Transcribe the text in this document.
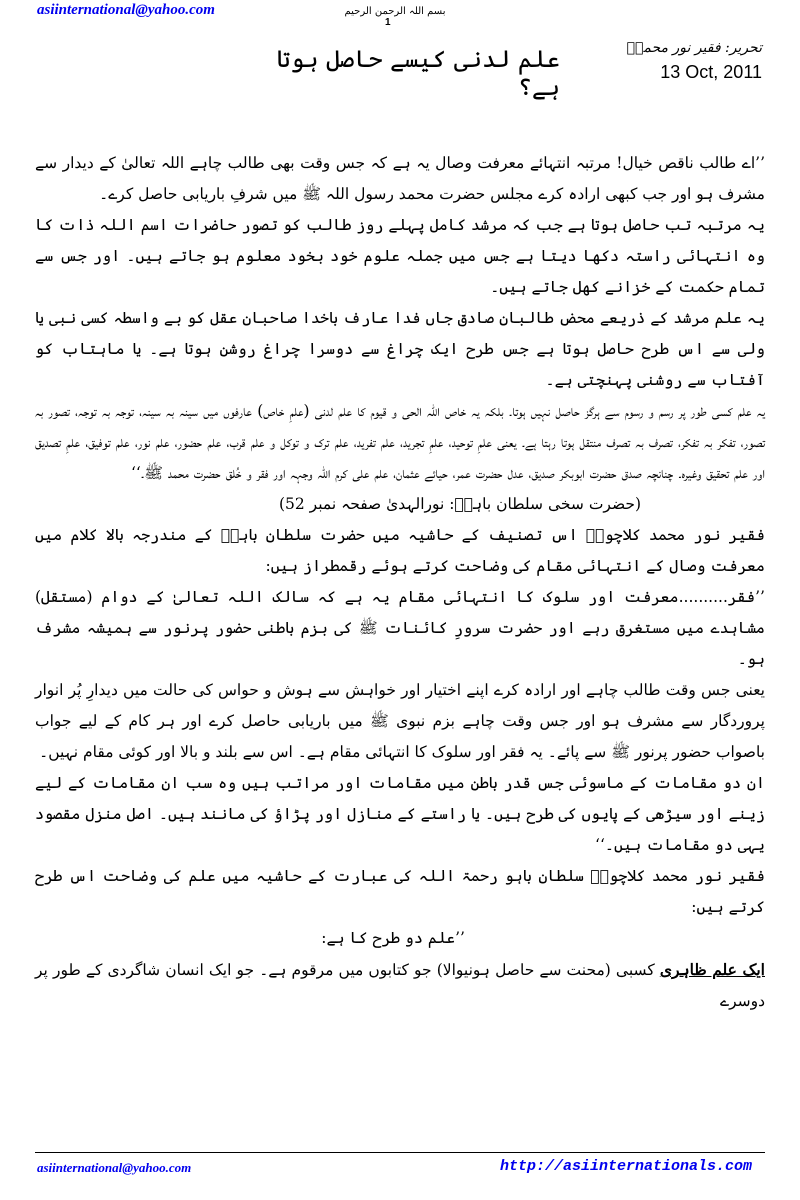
asiinternational@yahoo.com	بسم اللہ الرحمن الرحیم
1
تحریر: فقیر نور محمدؒ
13 Oct, 2011
علم لدنی کیسے حاصل ہوتا ہے؟

’’اے طالب ناقص خیال! مرتبہ انتہائے معرفت وصال یہ ہے کہ جس وقت بھی طالب چاہے اللہ تعالیٰ کے دیدار سے مشرف ہو اور جب کبھی ارادہ کرے مجلس حضرت محمد رسول اللہ ﷺ میں شرفِ باریابی حاصل کرے۔

یہ مرتبہ تب حاصل ہوتا ہے جب کہ مرشد کامل پہلے روز طالب کو تصور حاضرات اسم اللہ ذات کا وہ انتہائی راستہ دکھا دیتا ہے جس میں جملہ علوم خود بخود معلوم ہو جاتے ہیں۔ اور جس سے تمام حکمت کے خزانے کھل جاتے ہیں۔

یہ علم مرشد کے ذریعے محض طالبانِ صادق جاں فدا عارف باخدا صاحبانِ عقل کو بے واسطہ کسی نبی یا ولی سے اس طرح حاصل ہوتا ہے جس طرح ایک چراغ سے دوسرا چراغ روشن ہوتا ہے۔ یا ماہتاب کو آفتاب سے روشنی پہنچتی ہے۔

یہ علم کسی طور پر رسم و رسوم سے ہرگز حاصل نہیں ہوتا۔ بلکہ یہ خاص اللہ الحی و قیوم کا علم لدنی (علمِ خاص) عارفوں میں سینہ بہ سینہ، توجہ بہ توجہ، تصور بہ تصور، تفکر بہ تفکر، تصرف بہ تصرف منتقل ہوتا رہتا ہے۔ یعنی علمِ توحید، علمِ تجرید، علم تفرید، علم ترک و توکل و علم قرب، علم حضور، علم نور، علم توفیق، علمِ تصدیق اور علم تحقیق وغیرہ۔ چنانچہ صدق حضرت ابوبکر صدیق، عدل حضرت عمر، حیائے عثمان، علم علی کرم اللہ وجہہ اور فقر و خُلق حضرت محمد ﷺ۔‘‘

(حضرت سخی سلطان باہوؒ: نورالہدیٰ صفحہ نمبر 52)

فقیر نور محمد کلاچویؒ اس تصنیف کے حاشیہ میں حضرت سلطان باہوؒ کے مندرجہ بالا کلام میں معرفت وصال کے انتہائی مقام کی وضاحت کرتے ہوئے رقمطراز ہیں:

’’فقر..........معرفت اور سلوک کا انتہائی مقام یہ ہے کہ سالک اللہ تعالیٰ کے دوام (مستقل) مشاہدے میں مستغرق رہے اور حضرت سرورِ کائنات ﷺ کی بزم باطنی حضور پرنور سے ہمیشہ مشرف ہو۔

یعنی جس وقت طالب چاہے اور ارادہ کرے اپنے اختیار اور خواہش سے ہوش و حواس کی حالت میں دیدارِ پُر انوار پروردگار سے مشرف ہو اور جس وقت چاہے بزم نبوی ﷺ میں باریابی حاصل کرے اور ہر کام کے لیے جواب باصواب حضور پرنور ﷺ سے پائے۔ یہ فقر اور سلوک کا انتہائی مقام ہے۔ اس سے بلند و بالا اور کوئی مقام نہیں۔

ان دو مقامات کے ماسوئی جس قدر باطن میں مقامات اور مراتب ہیں وہ سب ان مقامات کے لیے زینے اور سیڑھی کے پایوں کی طرح ہیں۔ یا راستے کے منازل اور پڑاؤ کی مانند ہیں۔ اصل منزل مقصود یہی دو مقامات ہیں۔‘‘

فقیر نور محمد کلاچویؒ سلطان باہو رحمۃ اللہ کی عبارت کے حاشیہ میں علم کی وضاحت اس طرح کرتے ہیں:

’’علم دو طرح کا ہے:

ایک علم ظاہری کسبی (محنت سے حاصل ہونیوالا) جو کتابوں میں مرقوم ہے۔ جو ایک انسان شاگردی کے طور پر دوسرے

asiinternational@yahoo.com	http://asiinternationals.com
